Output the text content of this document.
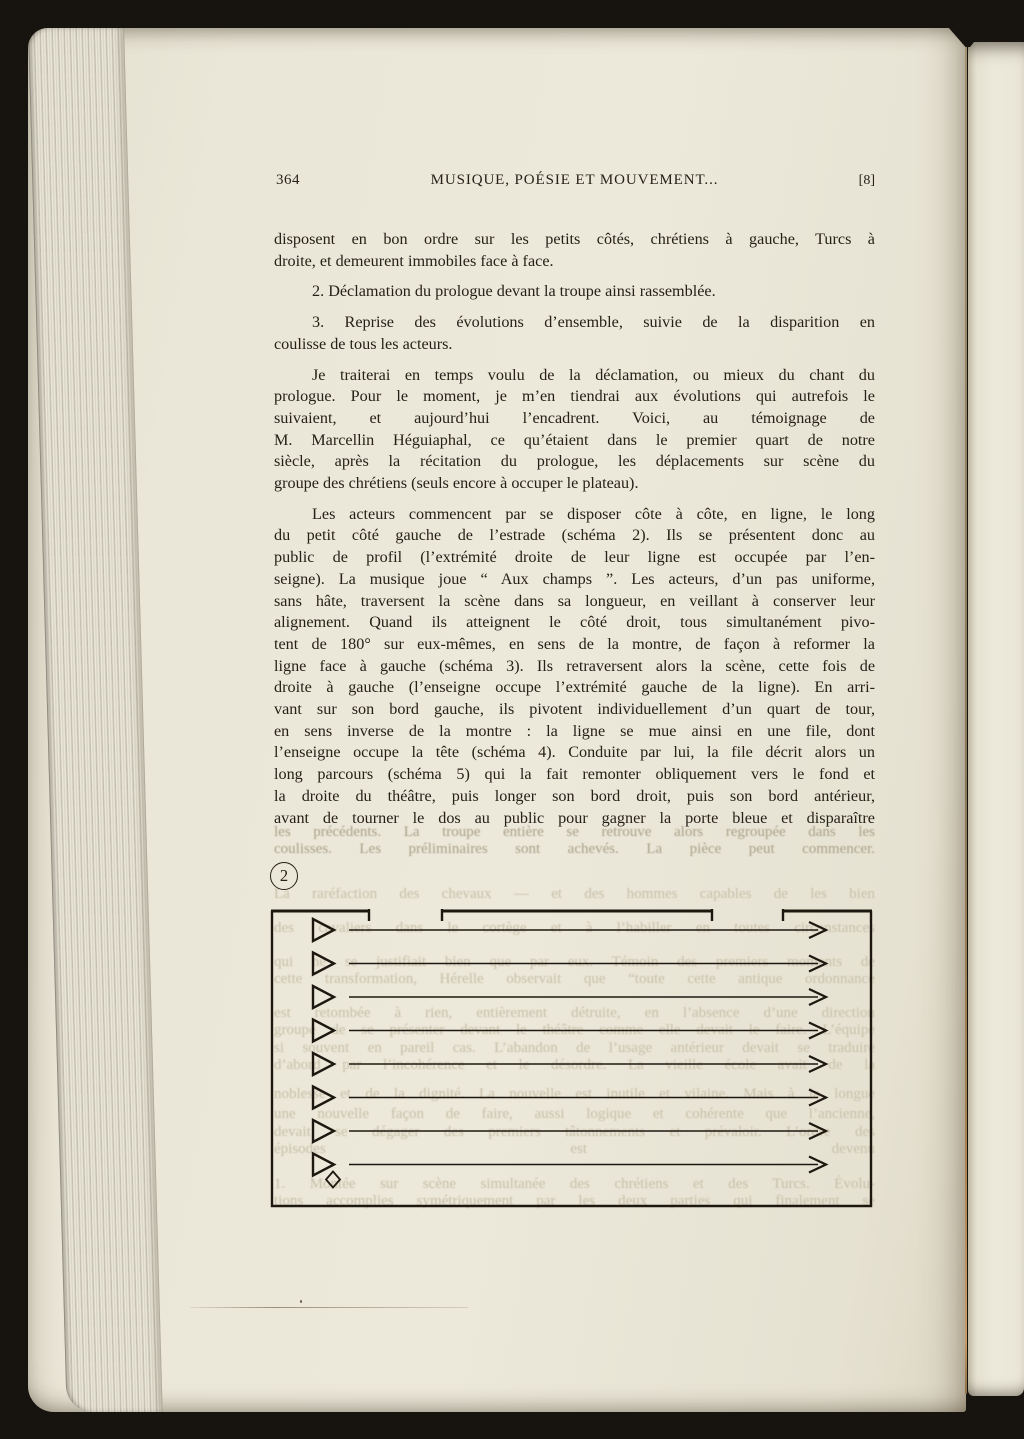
les précédents. La troupe entière se retrouve alors regroupée dans les
coulisses. Les préliminaires sont achevés. La pièce peut commencer.
La raréfaction des chevaux — et des hommes capables de les bien
des cavaliers dans le cortège et à l’habiller en toutes circonstances
qui ne se justifiait bien que par eux. Témoin des premiers moments de
cette transformation, Hérelle observait que “toute cette antique ordonnance
est retombée à rien, entièrement détruite, en l’absence d’une direction
groupe de se présenter devant le théâtre comme elle devait le faire. L’équipe
si souvent en pareil cas. L’abandon de l’usage antérieur devait se traduire
d’abord par l’incohérence et le désordre. La vieille école avait de la
noblesse et de la dignité. La nouvelle est inutile et vilaine. Mais à la longue
une nouvelle façon de faire, aussi logique et cohérente que l’ancienne,
devait se dégager des premiers tâtonnements et prévaloir. L’ordre des
épisodes est devenu
1. Montée sur scène simultanée des chrétiens et des Turcs. Évolu-
tions accomplies symétriquement par les deux parties qui finalement se
364	MUSIQUE, POÉSIE ET MOUVEMENT...	[8]
disposent en bon ordre sur les petits côtés, chrétiens à gauche, Turcs à
droite, et demeurent immobiles face à face.
2. Déclamation du prologue devant la troupe ainsi rassemblée.
3. Reprise des évolutions d’ensemble, suivie de la disparition en
coulisse de tous les acteurs.
Je traiterai en temps voulu de la déclamation, ou mieux du chant du
prologue. Pour le moment, je m’en tiendrai aux évolutions qui autrefois le
suivaient, et aujourd’hui l’encadrent. Voici, au témoignage de
M. Marcellin Héguiaphal, ce qu’étaient dans le premier quart de notre
siècle, après la récitation du prologue, les déplacements sur scène du
groupe des chrétiens (seuls encore à occuper le plateau).
Les acteurs commencent par se disposer côte à côte, en ligne, le long
du petit côté gauche de l’estrade (schéma 2). Ils se présentent donc au
public de profil (l’extrémité droite de leur ligne est occupée par l’en-
seigne). La musique joue “ Aux champs ”. Les acteurs, d’un pas uniforme,
sans hâte, traversent la scène dans sa longueur, en veillant à conserver leur
alignement. Quand ils atteignent le côté droit, tous simultanément pivo-
tent de 180° sur eux-mêmes, en sens de la montre, de façon à reformer la
ligne face à gauche (schéma 3). Ils retraversent alors la scène, cette fois de
droite à gauche (l’enseigne occupe l’extrémité gauche de la ligne). En arri-
vant sur son bord gauche, ils pivotent individuellement d’un quart de tour,
en sens inverse de la montre : la ligne se mue ainsi en une file, dont
l’enseigne occupe la tête (schéma 4). Conduite par lui, la file décrit alors un
long parcours (schéma 5) qui la fait remonter obliquement vers le fond et
la droite du théâtre, puis longer son bord droit, puis son bord antérieur,
avant de tourner le dos au public pour gagner la porte bleue et disparaître
2
